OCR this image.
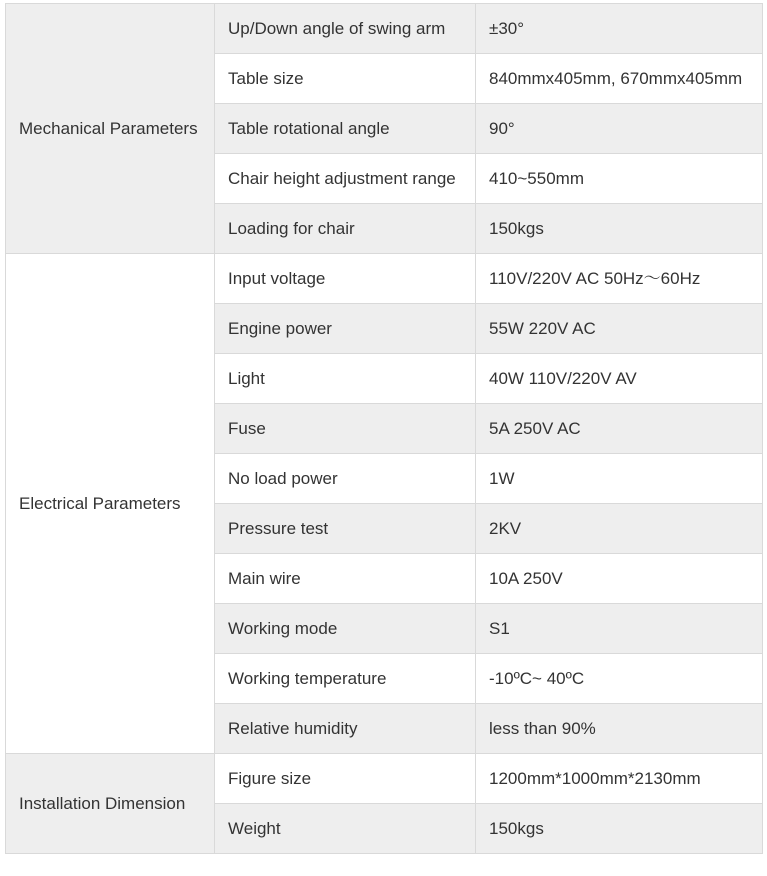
Mechanical Parameters	Up/Down angle of swing arm	±30°
	Table size	840mmx405mm, 670mmx405mm
	Table rotational angle	90°
	Chair height adjustment range	410~550mm
	Loading for chair	150kgs
Electrical Parameters	Input voltage	110V/220V AC 50Hz～60Hz
	Engine power	55W 220V AC
	Light	40W 110V/220V AV
	Fuse	5A 250V AC
	No load power	1W
	Pressure test	2KV
	Main wire	10A 250V
	Working mode	S1
	Working temperature	-10ºC~ 40ºC
	Relative humidity	less than 90%
Installation Dimension	Figure size	1200mm*1000mm*2130mm
	Weight	150kgs
